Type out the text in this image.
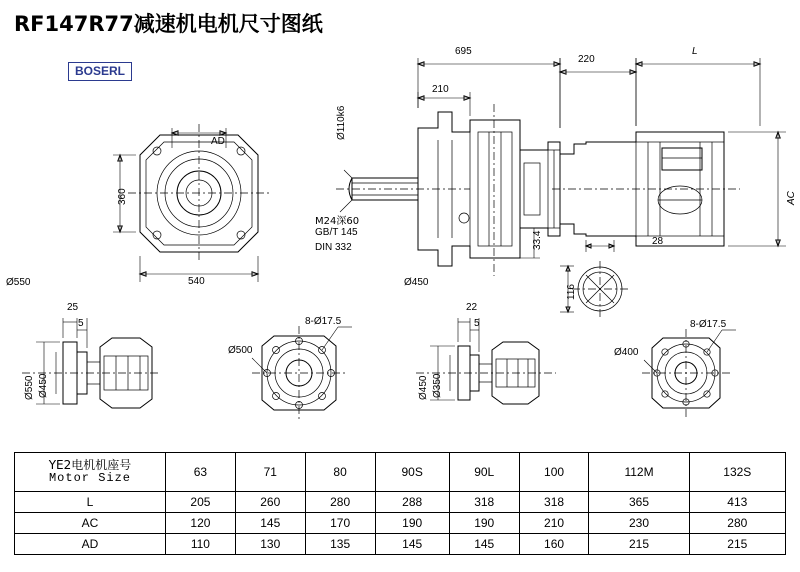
RF147R77减速机电机尺寸图纸
BOSERL
695
220
L
210
AD
360
540
AC
33.4	28
116
Ø110k6
M24深60
GB/T 145
DIN 332
Ø550	Ø450
25
5
Ø550 Ø450
8-Ø17.5
Ø500
22
5
Ø450 Ø350
8-Ø17.5
Ø400
YE2电机机座号
Motor Size	63	71	80	90S	90L	100	112M	132S
L	205	260	280	288	318	318	365	413
AC	120	145	170	190	190	210	230	280
AD	110	130	135	145	145	160	215	215
